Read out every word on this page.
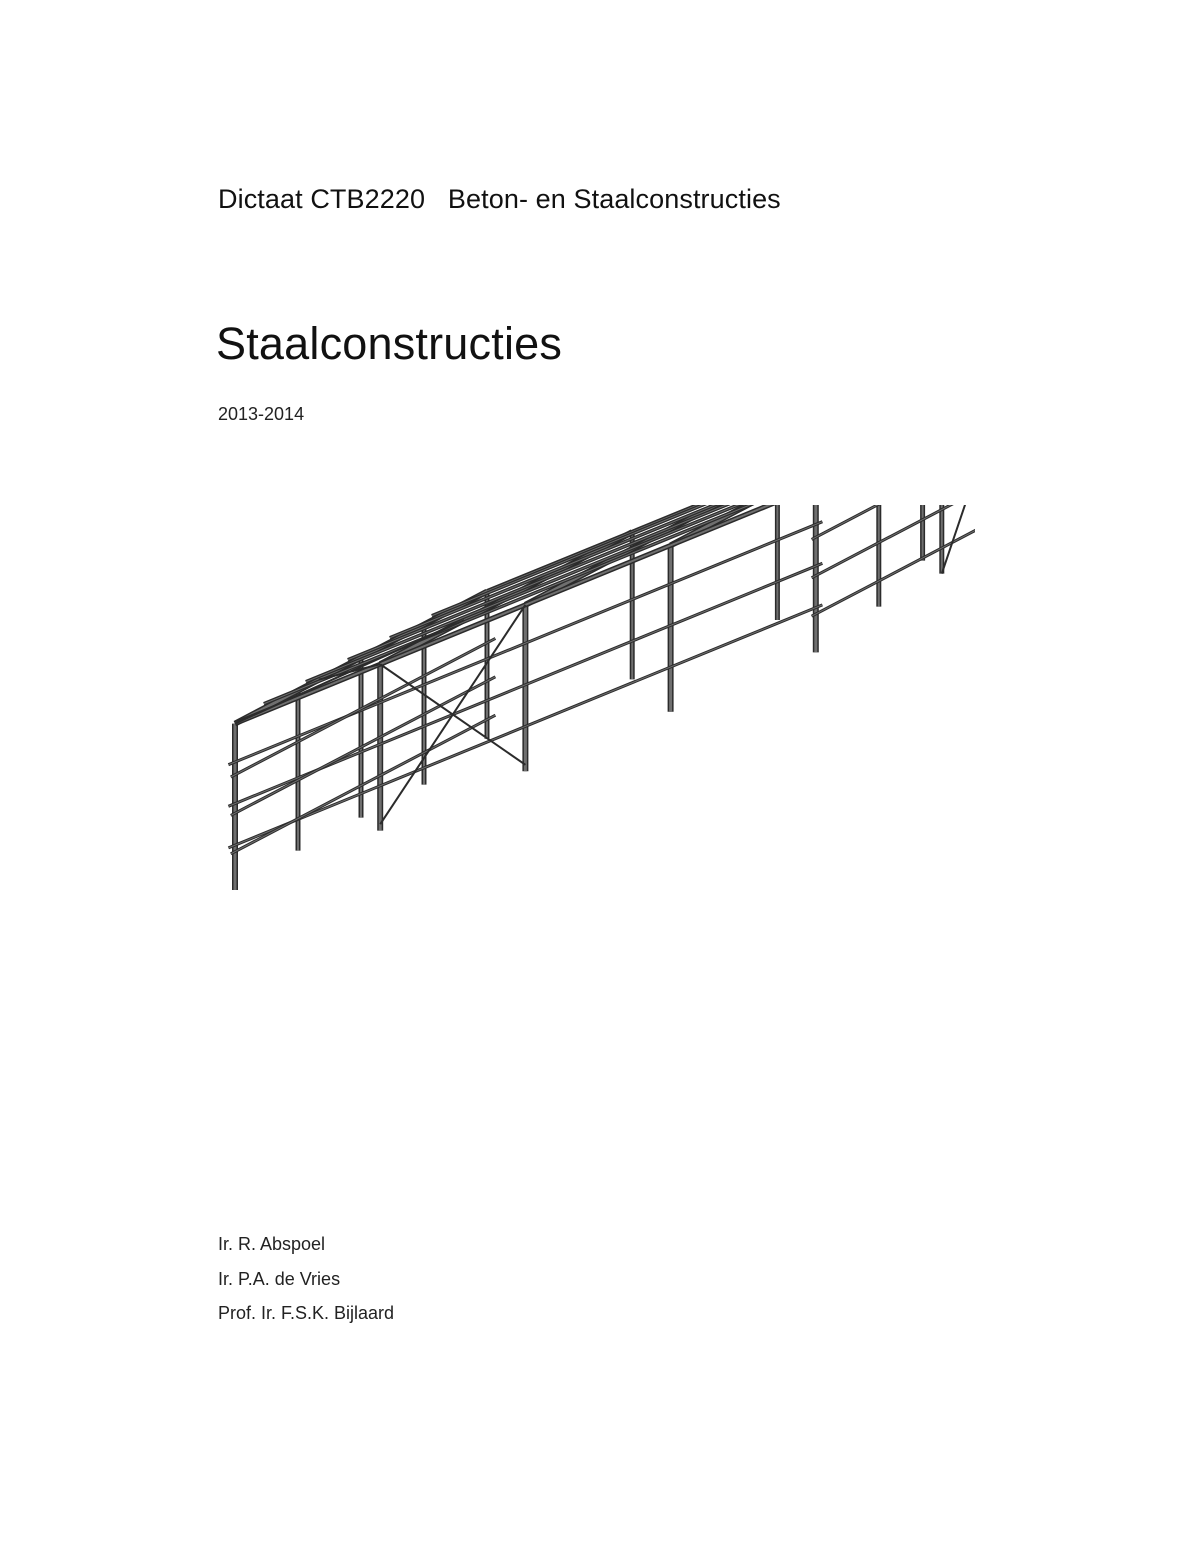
Dictaat CTB2220   Beton- en Staalconstructies
Staalconstructies
2013-2014
Ir. R. Abspoel
Ir. P.A. de Vries
Prof. Ir. F.S.K. Bijlaard
